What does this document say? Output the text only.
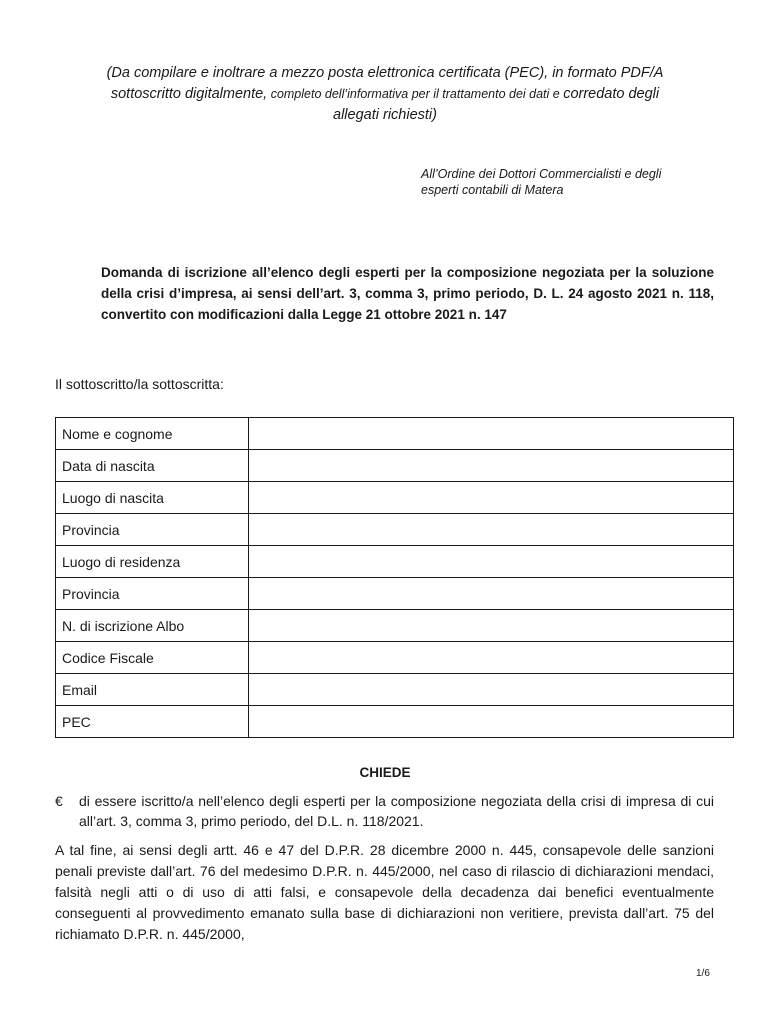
(Da compilare e inoltrare a mezzo posta elettronica certificata (PEC), in formato PDF/A
sottoscritto digitalmente, completo dell’informativa per il trattamento dei dati e corredato degli
allegati richiesti)
All’Ordine dei Dottori Commercialisti e degli
esperti contabili di Matera
Domanda di iscrizione all’elenco degli esperti per la composizione negoziata per la soluzione della crisi d’impresa, ai sensi dell’art. 3, comma 3, primo periodo, D. L. 24 agosto 2021 n. 118, convertito con modificazioni dalla Legge 21 ottobre 2021 n. 147
Il sottoscritto/la sottoscritta:
Nome e cognome	
Data di nascita	
Luogo di nascita	
Provincia	
Luogo di residenza	
Provincia	
N. di iscrizione Albo	
Codice Fiscale	
Email	
PEC	
CHIEDE
€ di essere iscritto/a nell’elenco degli esperti per la composizione negoziata della crisi di impresa di cui all’art. 3, comma 3, primo periodo, del D.L. n. 118/2021.
A tal fine, ai sensi degli artt. 46 e 47 del D.P.R. 28 dicembre 2000 n. 445, consapevole delle sanzioni penali previste dall’art. 76 del medesimo D.P.R. n. 445/2000, nel caso di rilascio di dichiarazioni mendaci, falsità negli atti o di uso di atti falsi, e consapevole della decadenza dai benefici eventualmente conseguenti al provvedimento emanato sulla base di dichiarazioni non veritiere, prevista dall’art. 75 del richiamato D.P.R. n. 445/2000,
1/6
